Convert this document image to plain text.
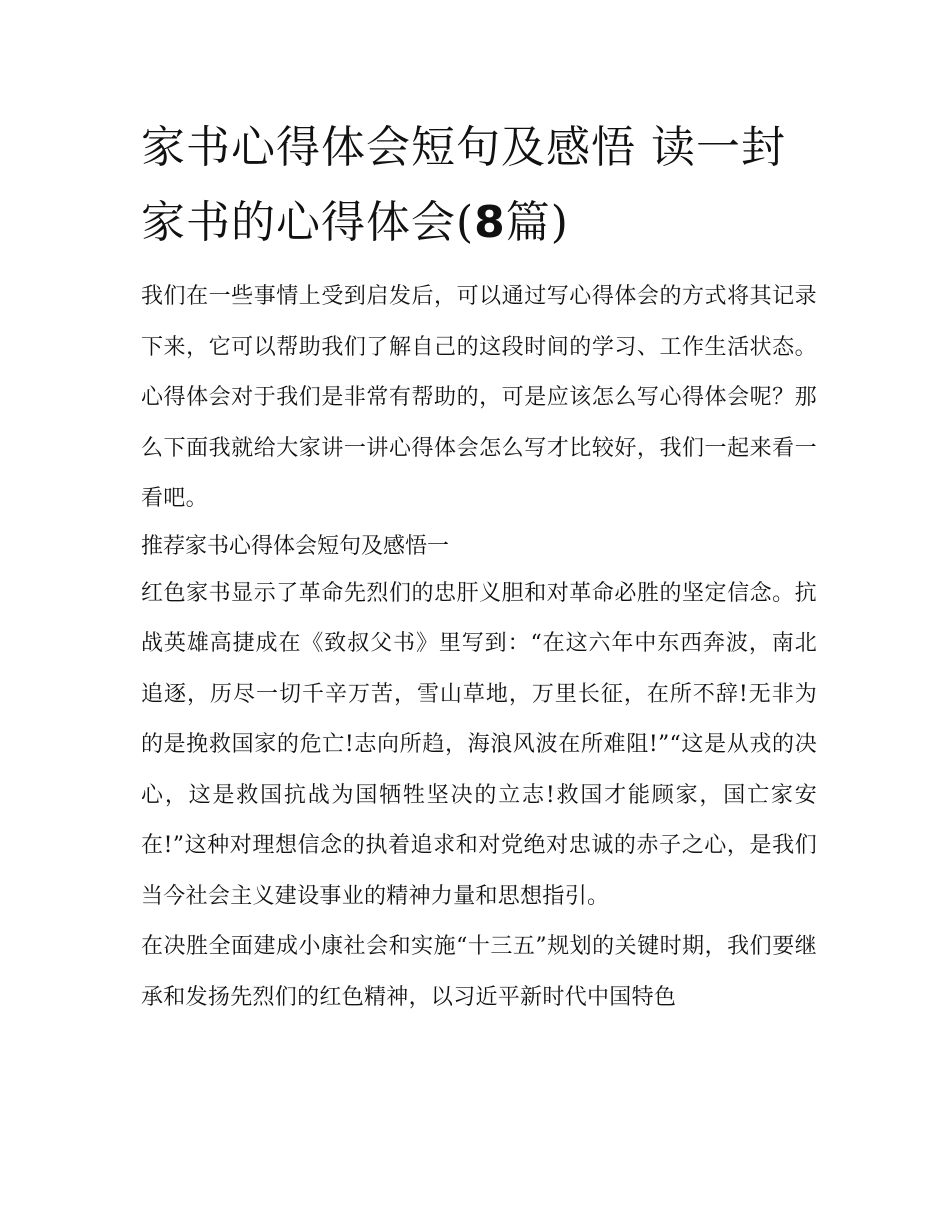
家书心得体会短句及感悟 读一封家书的心得体会(8篇)

我们在一些事情上受到启发后，可以通过写心得体会的方式将其记录下来，它可以帮助我们了解自己的这段时间的学习、工作生活状态。心得体会对于我们是非常有帮助的，可是应该怎么写心得体会呢？那么下面我就给大家讲一讲心得体会怎么写才比较好，我们一起来看一看吧。

推荐家书心得体会短句及感悟一

红色家书显示了革命先烈们的忠肝义胆和对革命必胜的坚定信念。抗战英雄高捷成在《致叔父书》里写到：“在这六年中东西奔波，南北追逐，历尽一切千辛万苦，雪山草地，万里长征，在所不辞!无非为的是挽救国家的危亡!志向所趋，海浪风波在所难阻!”“这是从戎的决心，这是救国抗战为国牺牲坚决的立志!救国才能顾家，国亡家安在!”这种对理想信念的执着追求和对党绝对忠诚的赤子之心，是我们当今社会主义建设事业的精神力量和思想指引。

在决胜全面建成小康社会和实施“十三五”规划的关键时期，我们要继承和发扬先烈们的红色精神，以习近平新时代中国特色
